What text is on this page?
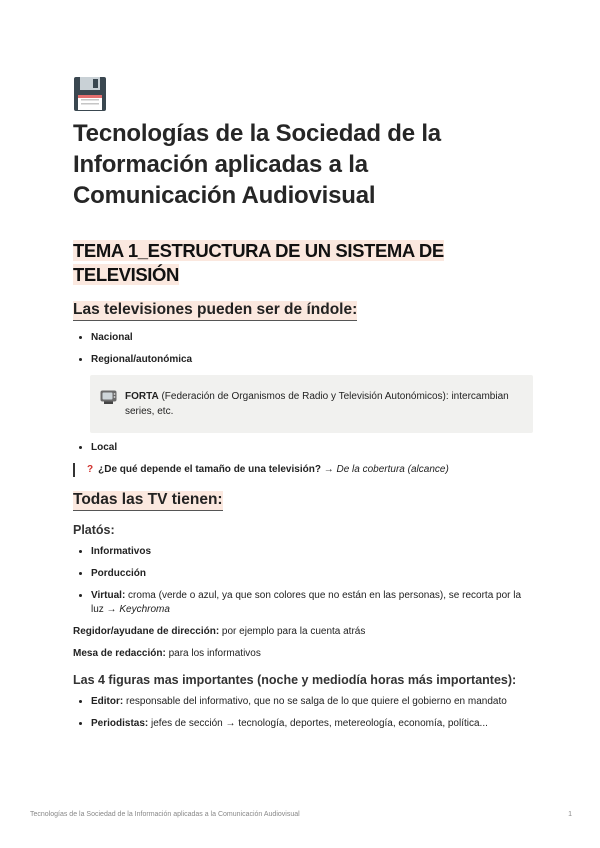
Tecnologías de la Sociedad de la Información aplicadas a la Comunicación Audiovisual
TEMA 1_ESTRUCTURA DE UN SISTEMA DE TELEVISIÓN
Las televisiones pueden ser de índole:
• Nacional
• Regional/autonómica
FORTA (Federación de Organismos de Radio y Televisión Autonómicos): intercambian series, etc.
• Local
? ¿De qué depende el tamaño de una televisión? → De la cobertura (alcance)
Todas las TV tienen:

Platós:

• Informativos
• Porducción
• Virtual: croma (verde o azul, ya que son colores que no están en las personas), se recorta por la luz → Keychroma

Regidor/ayudane de dirección: por ejemplo para la cuenta atrás

Mesa de redacción: para los informativos

Las 4 figuras mas importantes (noche y mediodía horas más importantes):

• Editor: responsable del informativo, que no se salga de lo que quiere el gobierno en mandato
• Periodistas: jefes de sección → tecnología, deportes, metereología, economía, política...
Tecnologías de la Sociedad de la Información aplicadas a la Comunicación Audiovisual	1
